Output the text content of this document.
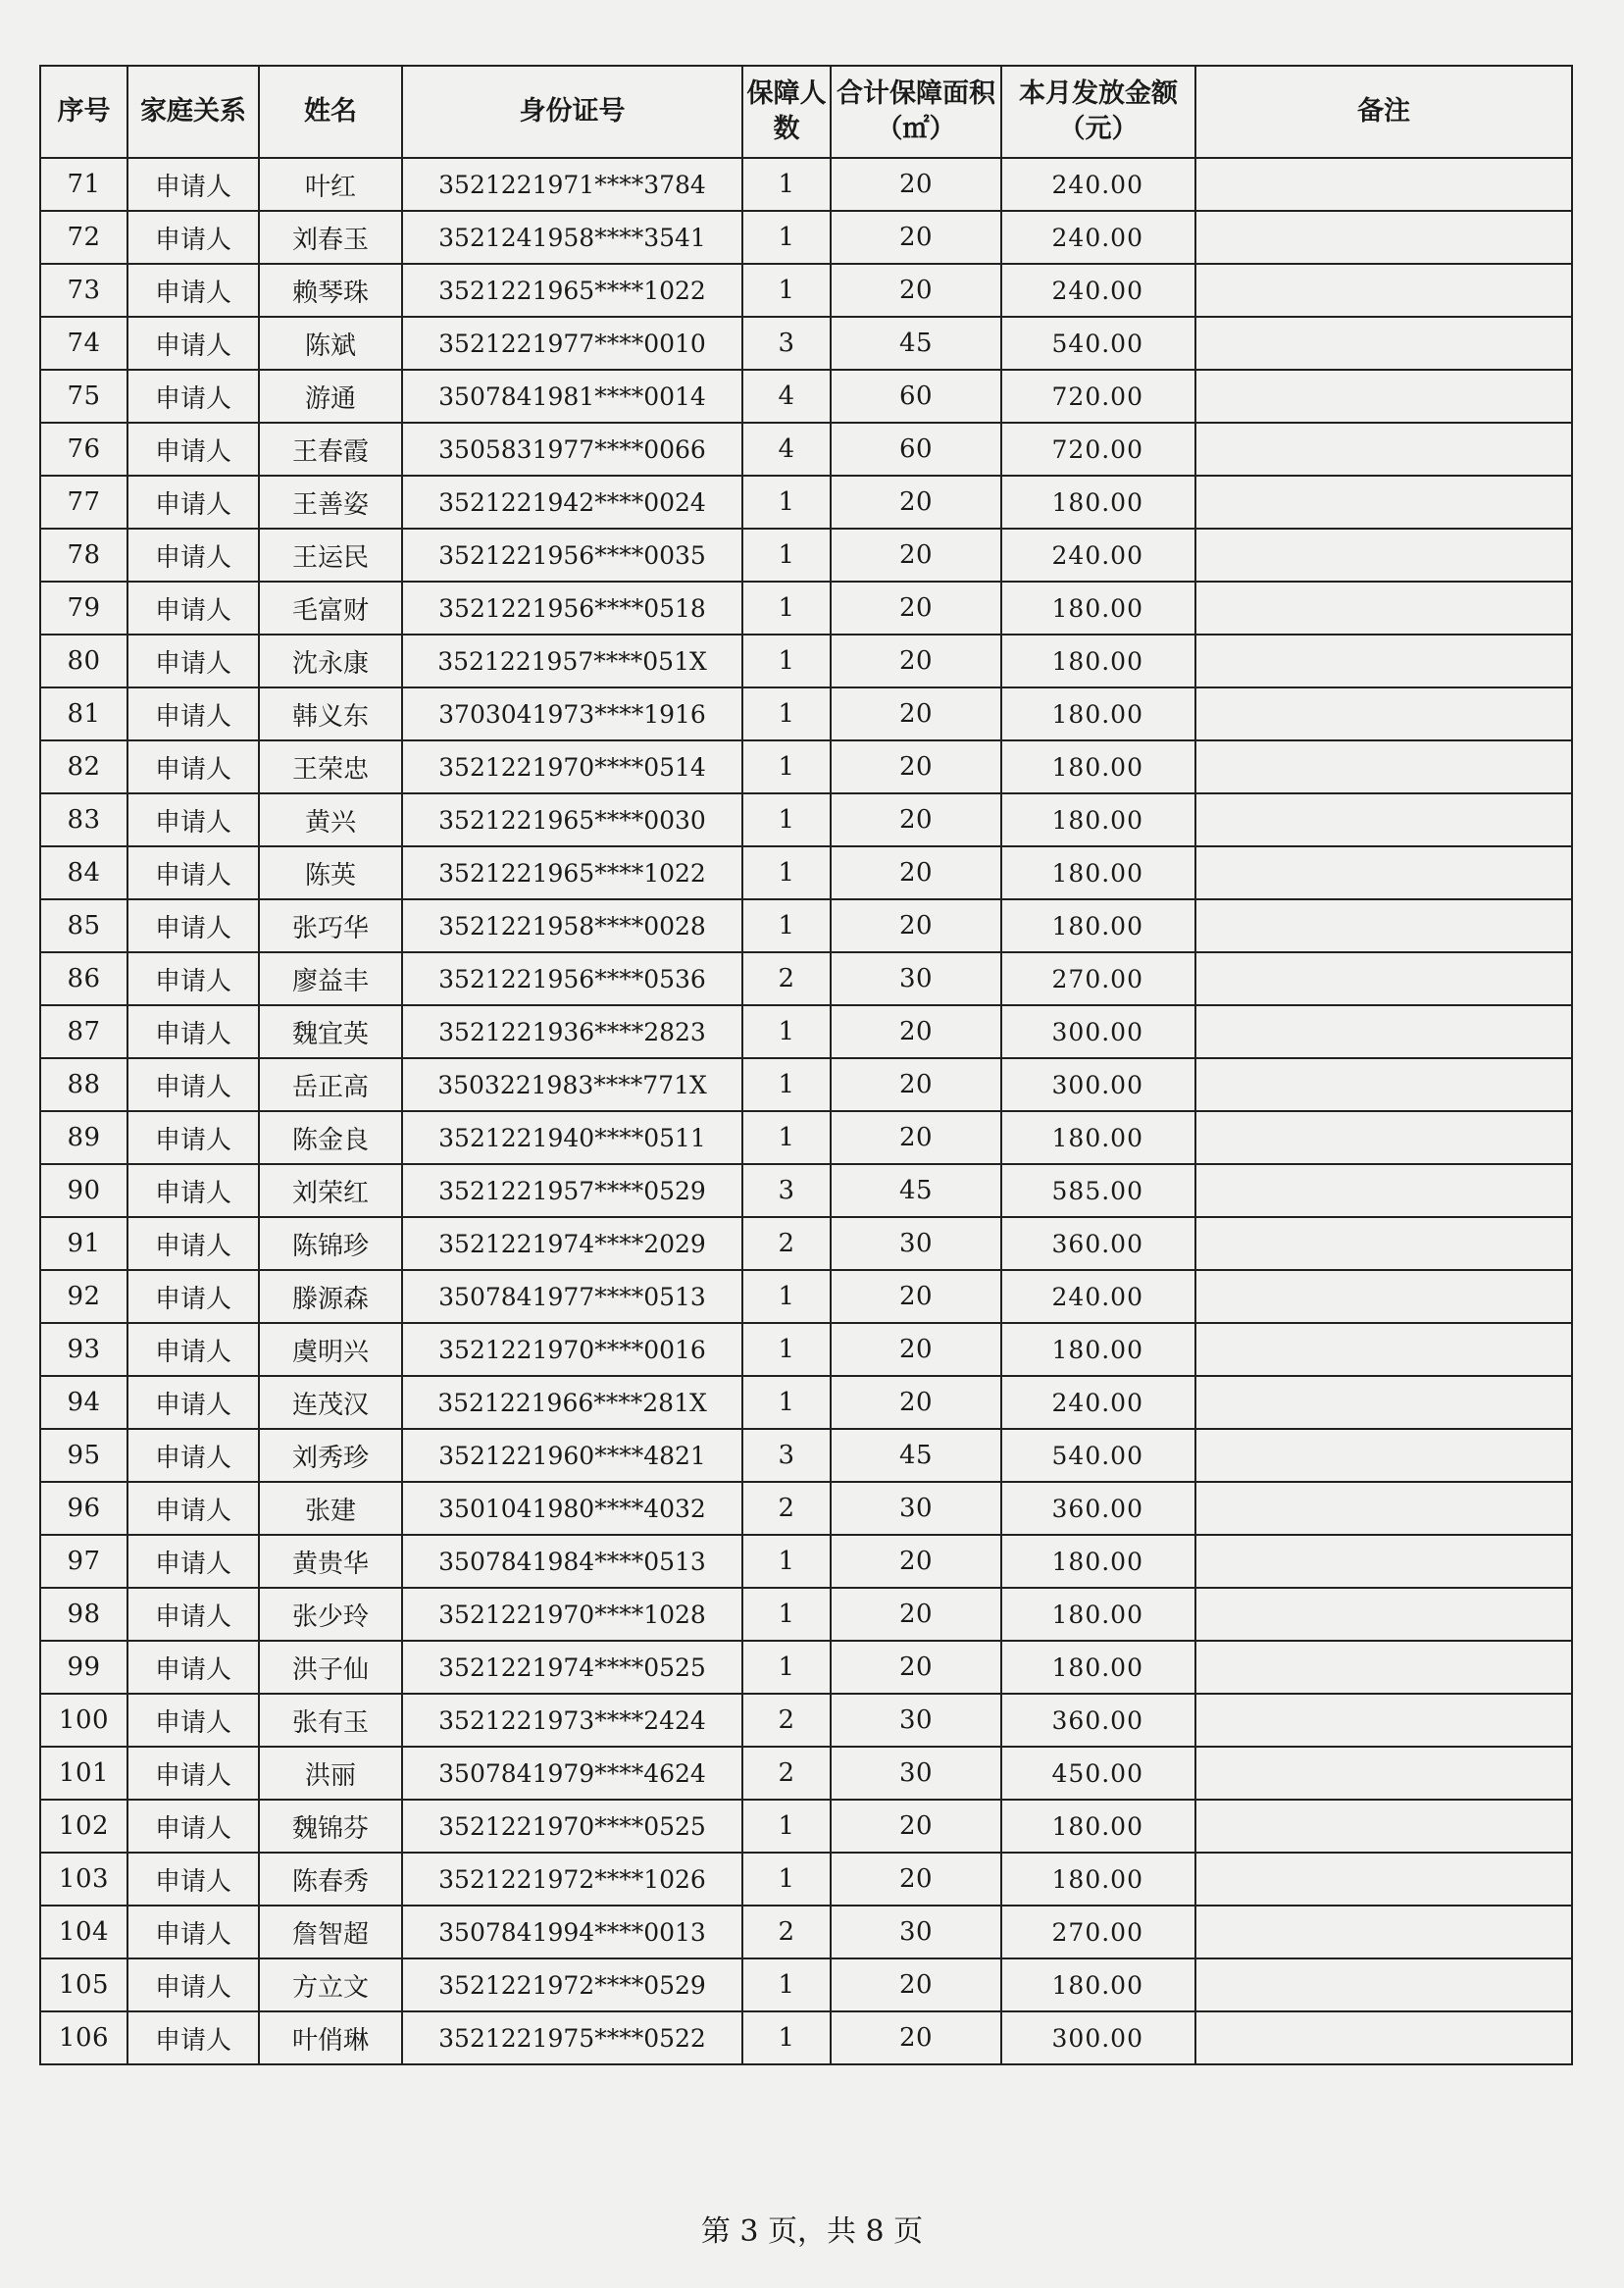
序号	家庭关系	姓名	身份证号	保障人数	合计保障面积（㎡）	本月发放金额（元）	备注
71	申请人	叶红	3521221971****3784	1	20	240.00	
72	申请人	刘春玉	3521241958****3541	1	20	240.00	
73	申请人	赖琴珠	3521221965****1022	1	20	240.00	
74	申请人	陈斌	3521221977****0010	3	45	540.00	
75	申请人	游通	3507841981****0014	4	60	720.00	
76	申请人	王春霞	3505831977****0066	4	60	720.00	
77	申请人	王善姿	3521221942****0024	1	20	180.00	
78	申请人	王运民	3521221956****0035	1	20	240.00	
79	申请人	毛富财	3521221956****0518	1	20	180.00	
80	申请人	沈永康	3521221957****051X	1	20	180.00	
81	申请人	韩义东	3703041973****1916	1	20	180.00	
82	申请人	王荣忠	3521221970****0514	1	20	180.00	
83	申请人	黄兴	3521221965****0030	1	20	180.00	
84	申请人	陈英	3521221965****1022	1	20	180.00	
85	申请人	张巧华	3521221958****0028	1	20	180.00	
86	申请人	廖益丰	3521221956****0536	2	30	270.00	
87	申请人	魏宜英	3521221936****2823	1	20	300.00	
88	申请人	岳正高	3503221983****771X	1	20	300.00	
89	申请人	陈金良	3521221940****0511	1	20	180.00	
90	申请人	刘荣红	3521221957****0529	3	45	585.00	
91	申请人	陈锦珍	3521221974****2029	2	30	360.00	
92	申请人	滕源森	3507841977****0513	1	20	240.00	
93	申请人	虞明兴	3521221970****0016	1	20	180.00	
94	申请人	连茂汉	3521221966****281X	1	20	240.00	
95	申请人	刘秀珍	3521221960****4821	3	45	540.00	
96	申请人	张建	3501041980****4032	2	30	360.00	
97	申请人	黄贵华	3507841984****0513	1	20	180.00	
98	申请人	张少玲	3521221970****1028	1	20	180.00	
99	申请人	洪子仙	3521221974****0525	1	20	180.00	
100	申请人	张有玉	3521221973****2424	2	30	360.00	
101	申请人	洪丽	3507841979****4624	2	30	450.00	
102	申请人	魏锦芬	3521221970****0525	1	20	180.00	
103	申请人	陈春秀	3521221972****1026	1	20	180.00	
104	申请人	詹智超	3507841994****0013	2	30	270.00	
105	申请人	方立文	3521221972****0529	1	20	180.00	
106	申请人	叶俏琳	3521221975****0522	1	20	300.00	
第 3 页，共 8 页
